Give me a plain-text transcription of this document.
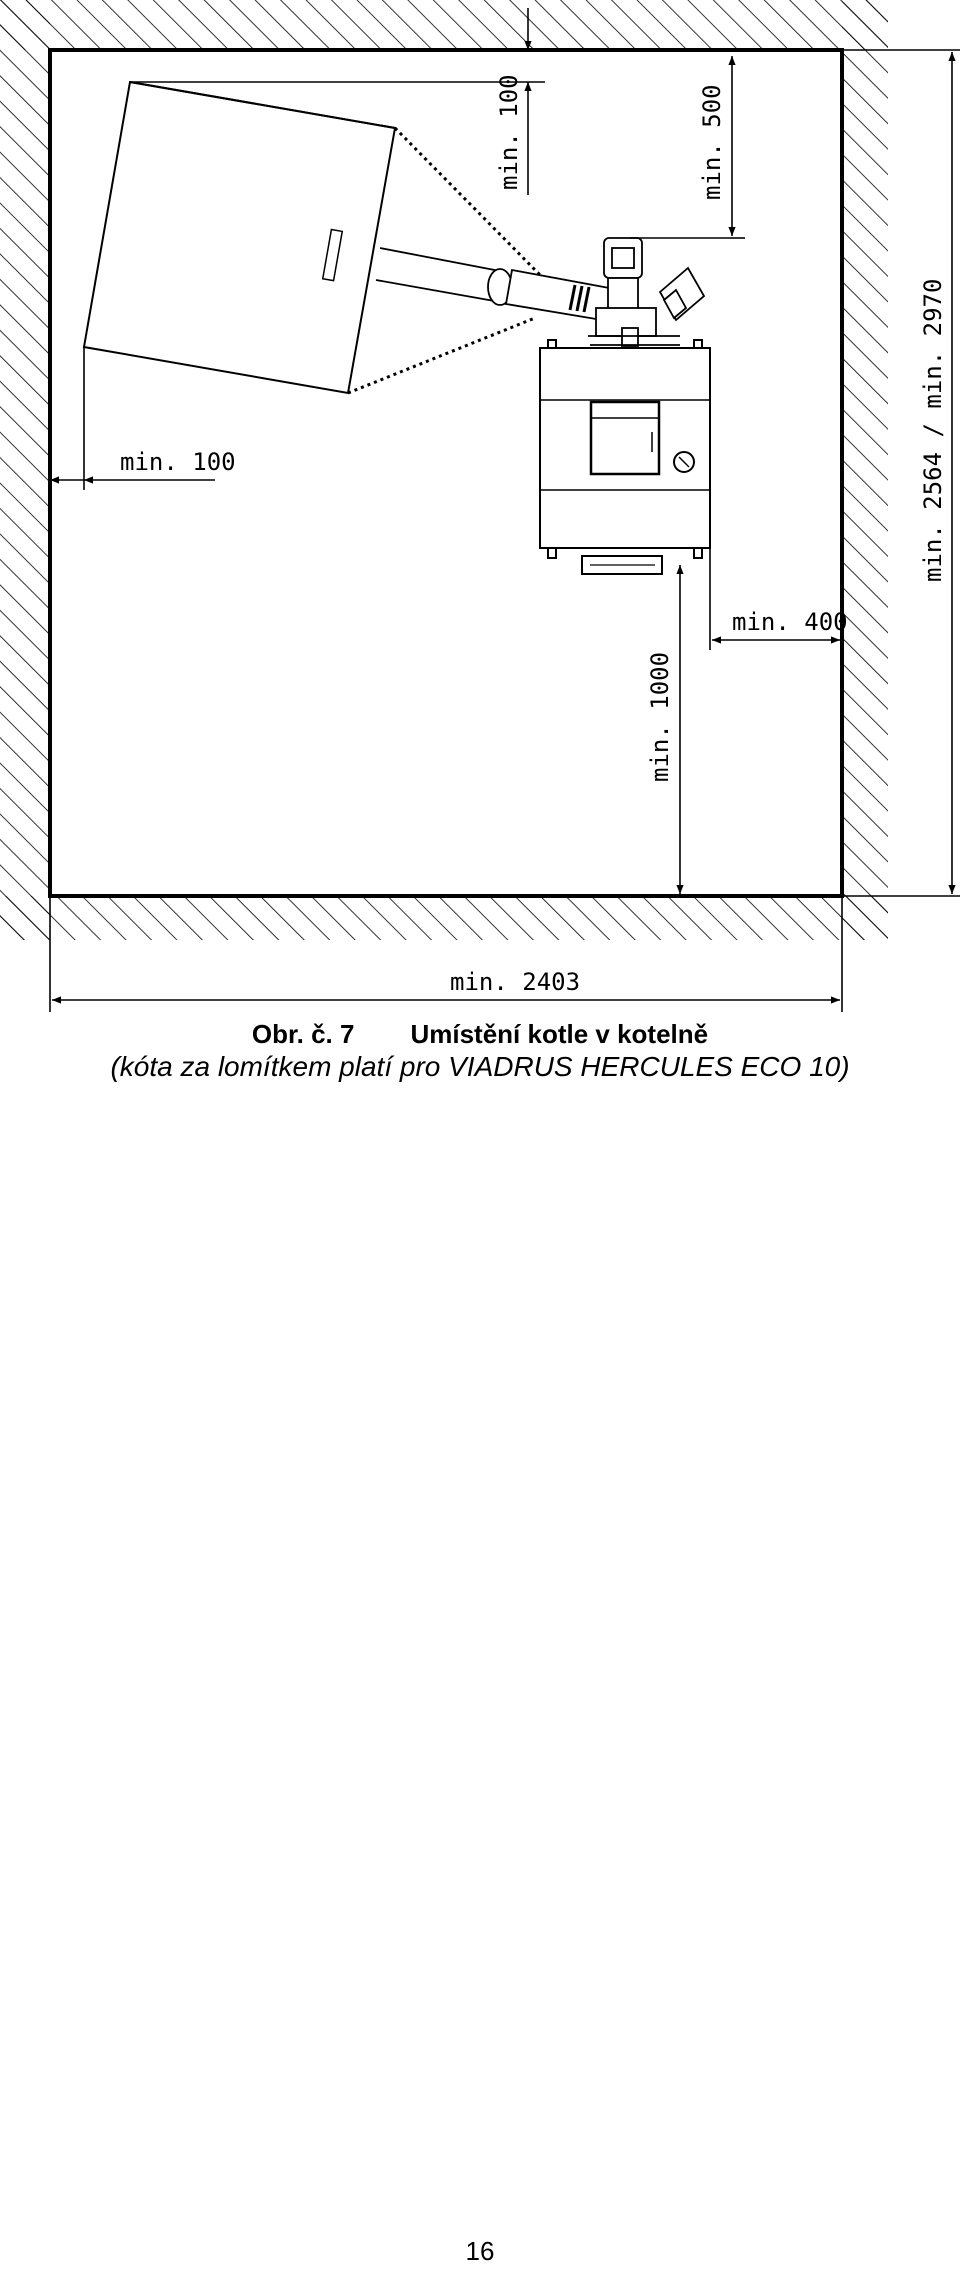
min. 100	min. 500
min. 100
min. 400
min. 1000
min. 2564 / min. 2970
min. 2403
Obr. č. 7 Umístění kotle v kotelně
(kóta za lomítkem platí pro VIADRUS HERCULES ECO 10)
16
